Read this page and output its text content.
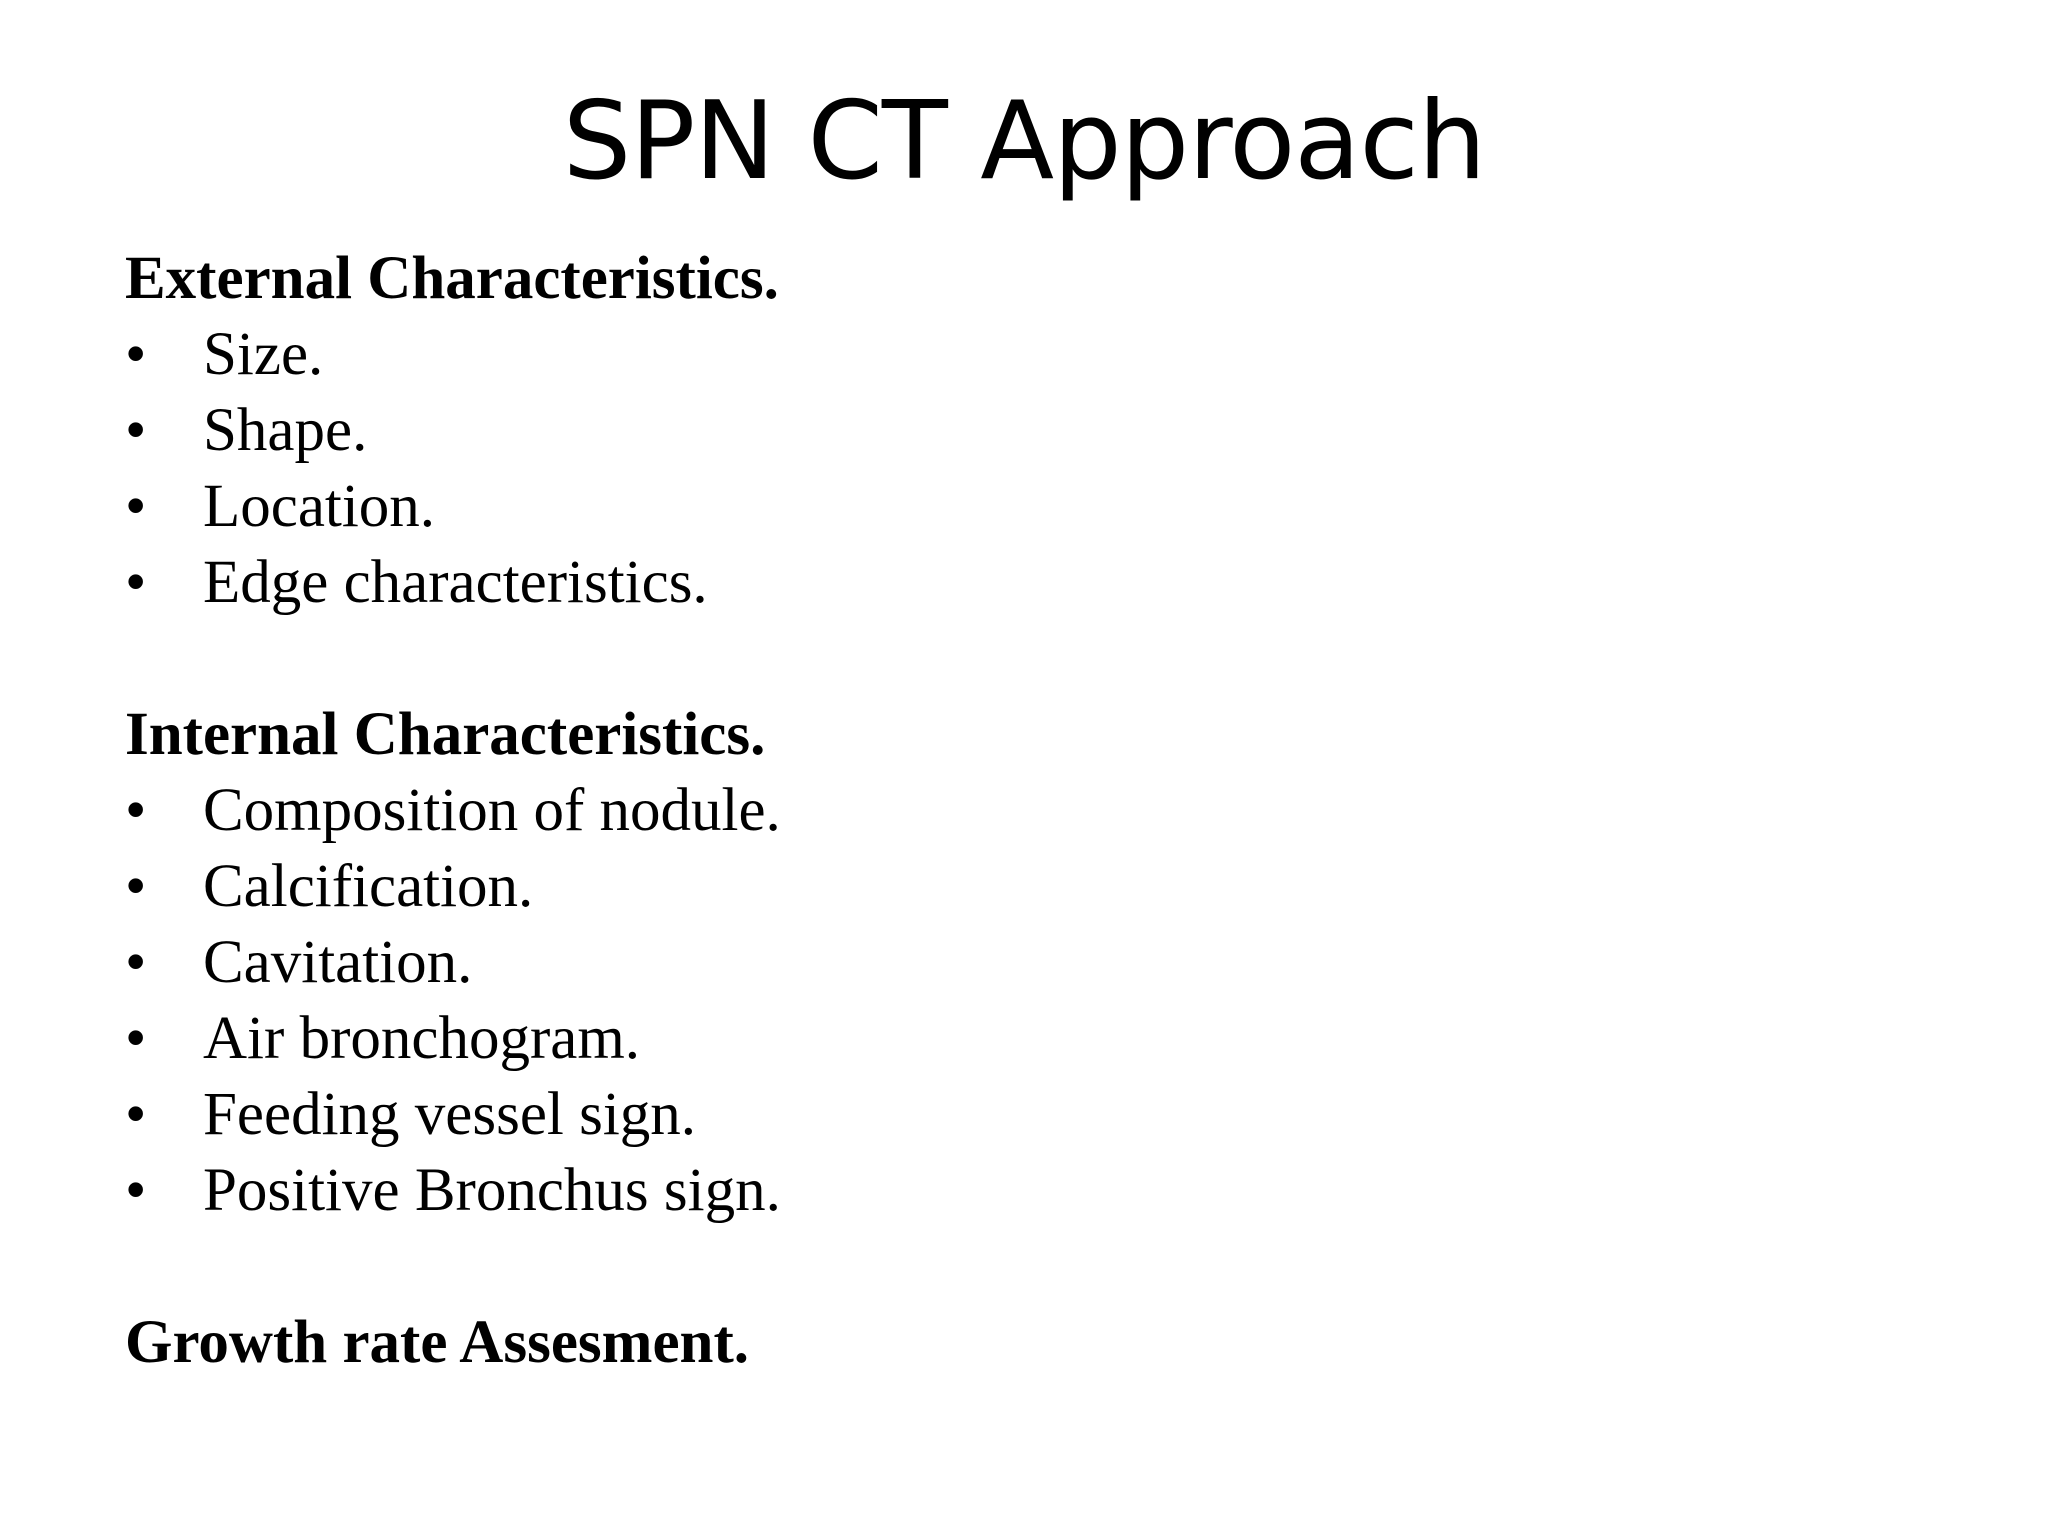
SPN CT Approach
External Characteristics.
• Size.
• Shape.
• Location.
• Edge characteristics.
Internal Characteristics.
• Composition of nodule.
• Calcification.
• Cavitation.
• Air bronchogram.
• Feeding vessel sign.
• Positive Bronchus sign.
Growth rate Assesment.
